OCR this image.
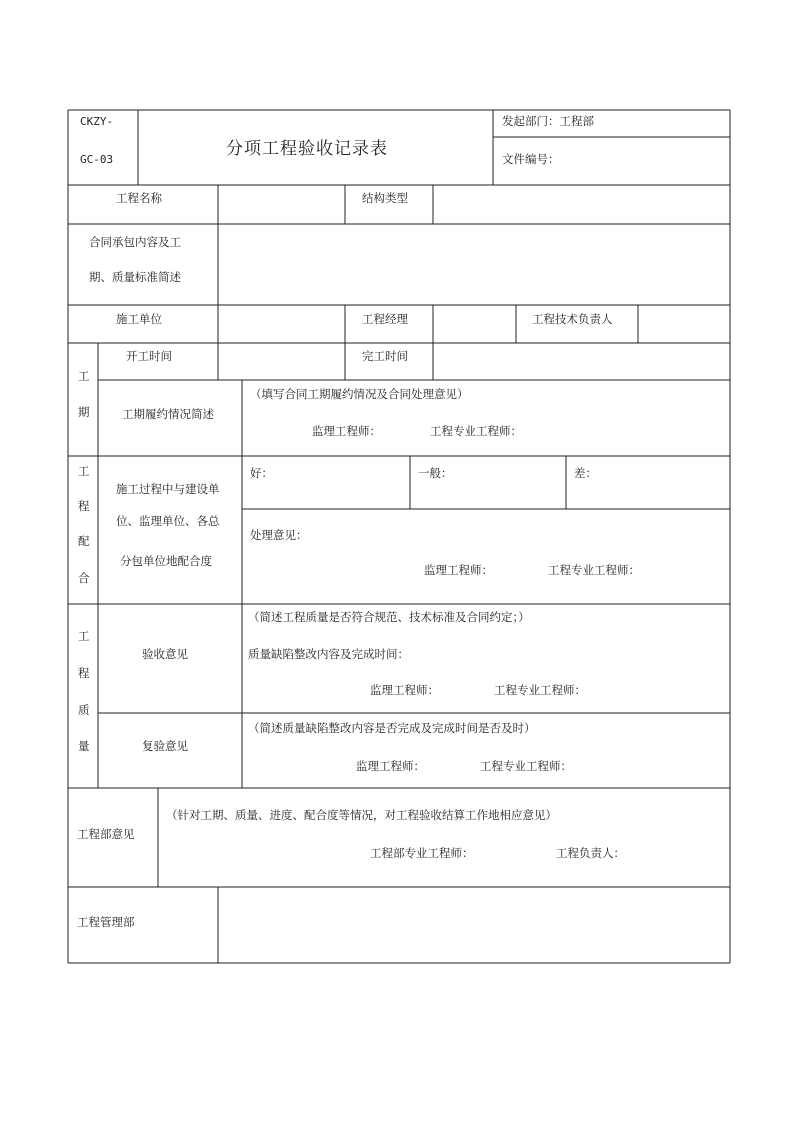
CKZY-
GC-03
分项工程验收记录表
发起部门：工程部
文件编号：
工程名称	结构类型
合同承包内容及工
期、质量标准简述
施工单位	工程经理	工程技术负责人
工
期
开工时间	完工时间
工期履约情况简述
（填写合同工期履约情况及合同处理意见）
监理工程师：	工程专业工程师：
工
程
配
合
施工过程中与建设单
位、监理单位、各总
分包单位地配合度
好：	一般：	差：
处理意见：
监理工程师：	工程专业工程师：
工
程
质
量
验收意见
（简述工程质量是否符合规范、技术标准及合同约定；）
质量缺陷整改内容及完成时间：
监理工程师：	工程专业工程师：
复验意见
（简述质量缺陷整改内容是否完成及完成时间是否及时）
监理工程师：	工程专业工程师：
工程部意见
（针对工期、质量、进度、配合度等情况，对工程验收结算工作地相应意见）
工程部专业工程师：	工程负责人：
工程管理部
